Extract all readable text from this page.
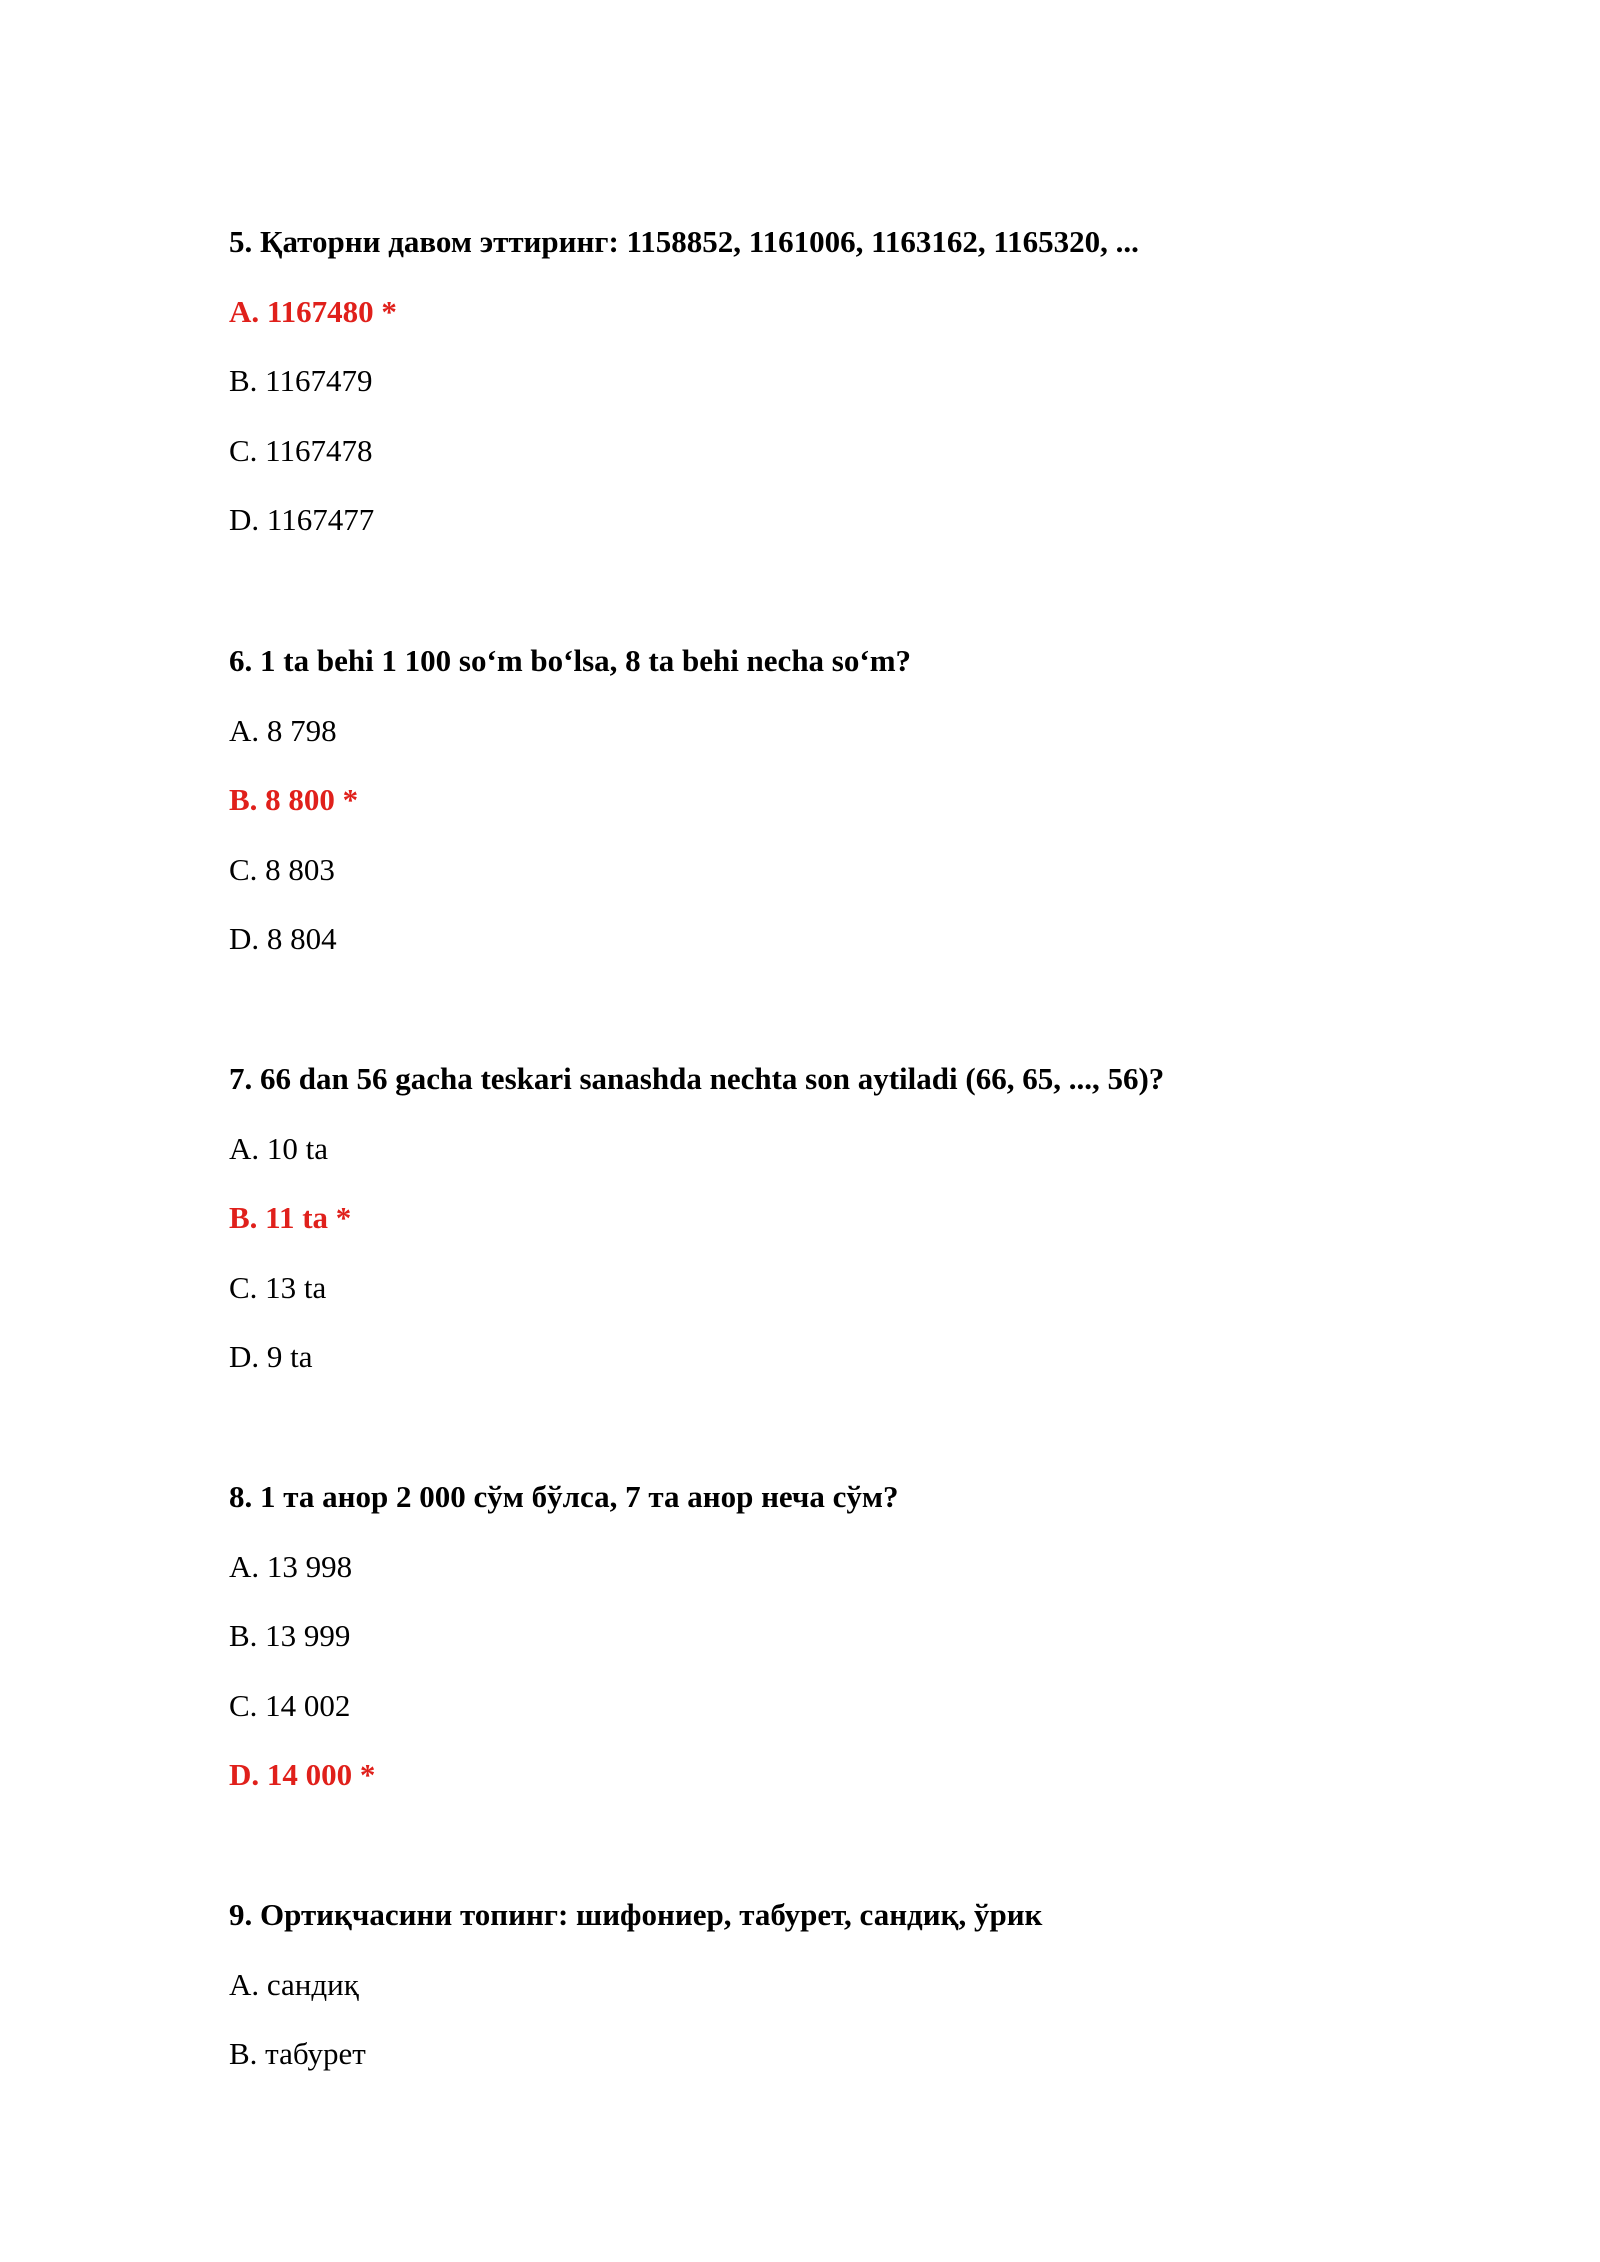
5. Қаторни давом эттиринг: 1158852, 1161006, 1163162, 1165320, ...

A. 1167480 *
B. 1167479
C. 1167478
D. 1167477

6. 1 ta behi 1 100 so‘m bo‘lsa, 8 ta behi necha so‘m?

A. 8 798
B. 8 800 *
C. 8 803
D. 8 804

7. 66 dan 56 gacha teskari sanashda nechta son aytiladi (66, 65, ..., 56)?

A. 10 ta
B. 11 ta *
C. 13 ta
D. 9 ta

8. 1 та анор 2 000 сўм бўлса, 7 та анор неча сўм?

A. 13 998
B. 13 999
C. 14 002
D. 14 000 *

9. Ортиқчасини топинг: шифониер, табурет, сандиқ, ўрик

A. сандиқ
B. табурет
